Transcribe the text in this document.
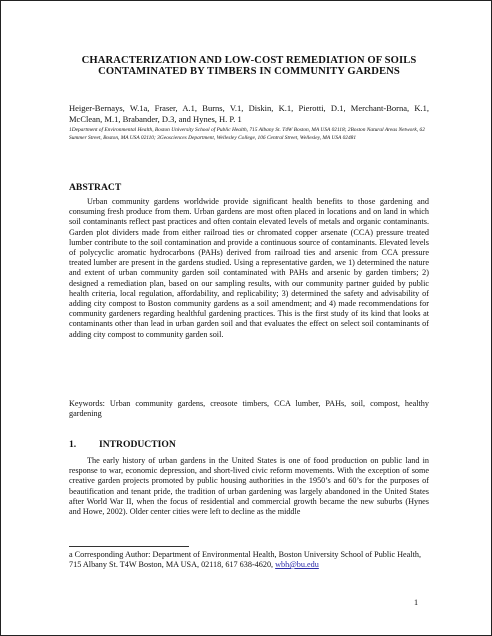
CHARACTERIZATION AND LOW-COST REMEDIATION OF SOILS CONTAMINATED BY TIMBERS IN COMMUNITY GARDENS
Heiger-Bernays, W.1a, Fraser, A.1, Burns, V.1, Diskin, K.1, Pierotti, D.1, Merchant-Borna, K.1, McClean, M.1, Brabander, D.3, and Hynes, H. P. 1
1Department of Environmental Health, Boston University School of Public Health, 715 Albany St. T4W Boston, MA USA 02118; 2Boston Natural Areas Network, 62 Summer Street, Boston, MA USA 02110; 3Geosciences Department, Wellesley College, 106 Central Street, Wellesley, MA USA 02481
ABSTRACT

Urban community gardens worldwide provide significant health benefits to those gardening and consuming fresh produce from them. Urban gardens are most often placed in locations and on land in which soil contaminants reflect past practices and often contain elevated levels of metals and organic contaminants. Garden plot dividers made from either railroad ties or chromated copper arsenate (CCA) pressure treated lumber contribute to the soil contamination and provide a continuous source of contaminants. Elevated levels of polycyclic aromatic hydrocarbons (PAHs) derived from railroad ties and arsenic from CCA pressure treated lumber are present in the gardens studied. Using a representative garden, we 1) determined the nature and extent of urban community garden soil contaminated with PAHs and arsenic by garden timbers; 2) designed a remediation plan, based on our sampling results, with our community partner guided by public health criteria, local regulation, affordability, and replicability; 3) determined the safety and advisability of adding city compost to Boston community gardens as a soil amendment; and 4) made recommendations for community gardeners regarding healthful gardening practices. This is the first study of its kind that looks at contaminants other than lead in urban garden soil and that evaluates the effect on select soil contaminants of adding city compost to community garden soil.

Keywords: Urban community gardens, creosote timbers, CCA lumber, PAHs, soil, compost, healthy gardening

1. INTRODUCTION

The early history of urban gardens in the United States is one of food production on public land in response to war, economic depression, and short-lived civic reform movements. With the exception of some creative garden projects promoted by public housing authorities in the 1950’s and 60’s for the purposes of beautification and tenant pride, the tradition of urban gardening was largely abandoned in the United States after World War II, when the focus of residential and commercial growth became the new suburbs (Hynes and Howe, 2002). Older center cities were left to decline as the middle

a Corresponding Author: Department of Environmental Health, Boston University School of Public Health, 715 Albany St. T4W Boston, MA USA, 02118, 617 638-4620, wbh@bu.edu

1
